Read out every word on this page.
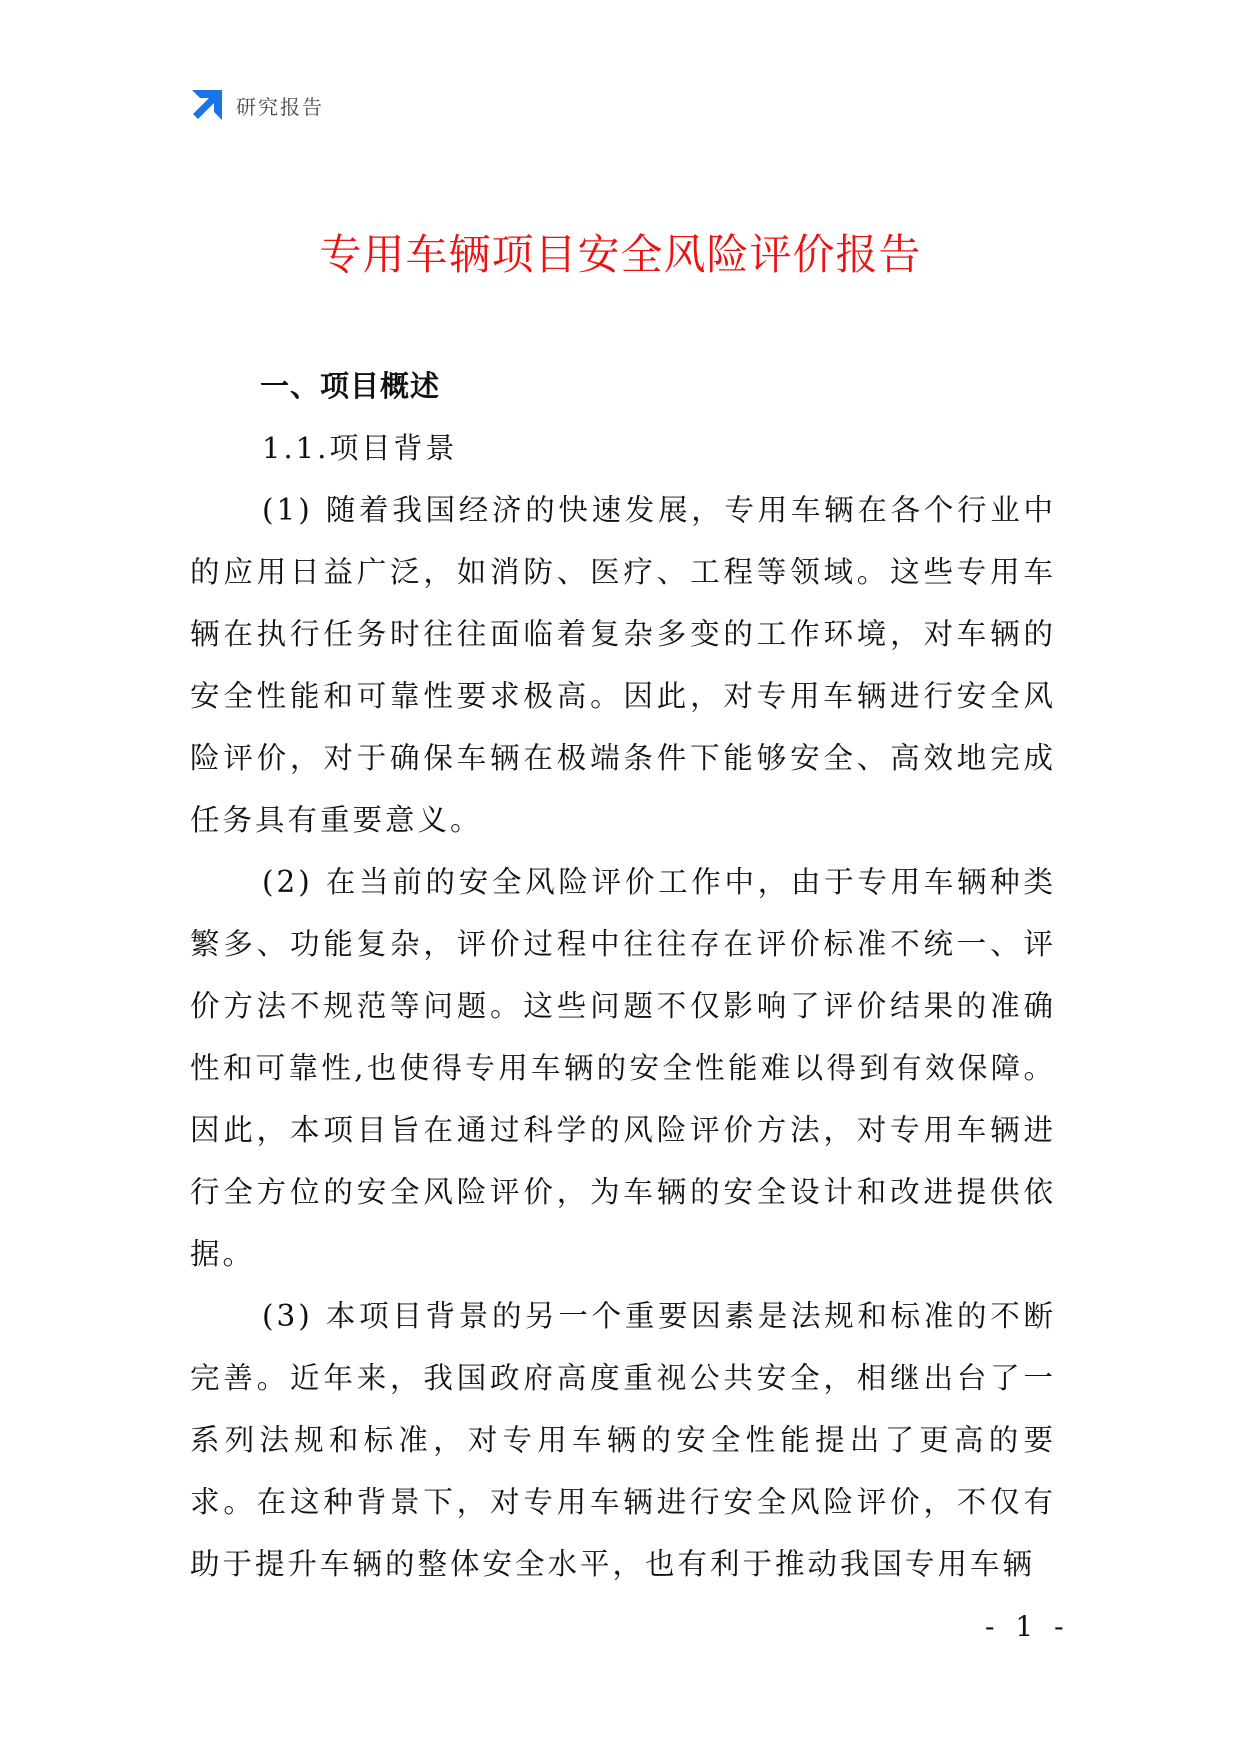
研究报告
专用车辆项目安全风险评价报告
一、项目概述
1.1.项目背景

(1) 随着我国经济的快速发展，专用车辆在各个行业中的应用日益广泛，如消防、医疗、工程等领域。这些专用车辆在执行任务时往往面临着复杂多变的工作环境，对车辆的安全性能和可靠性要求极高。因此，对专用车辆进行安全风险评价，对于确保车辆在极端条件下能够安全、高效地完成任务具有重要意义。

(2) 在当前的安全风险评价工作中，由于专用车辆种类繁多、功能复杂，评价过程中往往存在评价标准不统一、评价方法不规范等问题。这些问题不仅影响了评价结果的准确性和可靠性,也使得专用车辆的安全性能难以得到有效保障。因此，本项目旨在通过科学的风险评价方法，对专用车辆进行全方位的安全风险评价，为车辆的安全设计和改进提供依据。

(3) 本项目背景的另一个重要因素是法规和标准的不断完善。近年来，我国政府高度重视公共安全，相继出台了一系列法规和标准，对专用车辆的安全性能提出了更高的要求。在这种背景下，对专用车辆进行安全风险评价，不仅有助于提升车辆的整体安全水平，也有利于推动我国专用车辆

- 1 -
